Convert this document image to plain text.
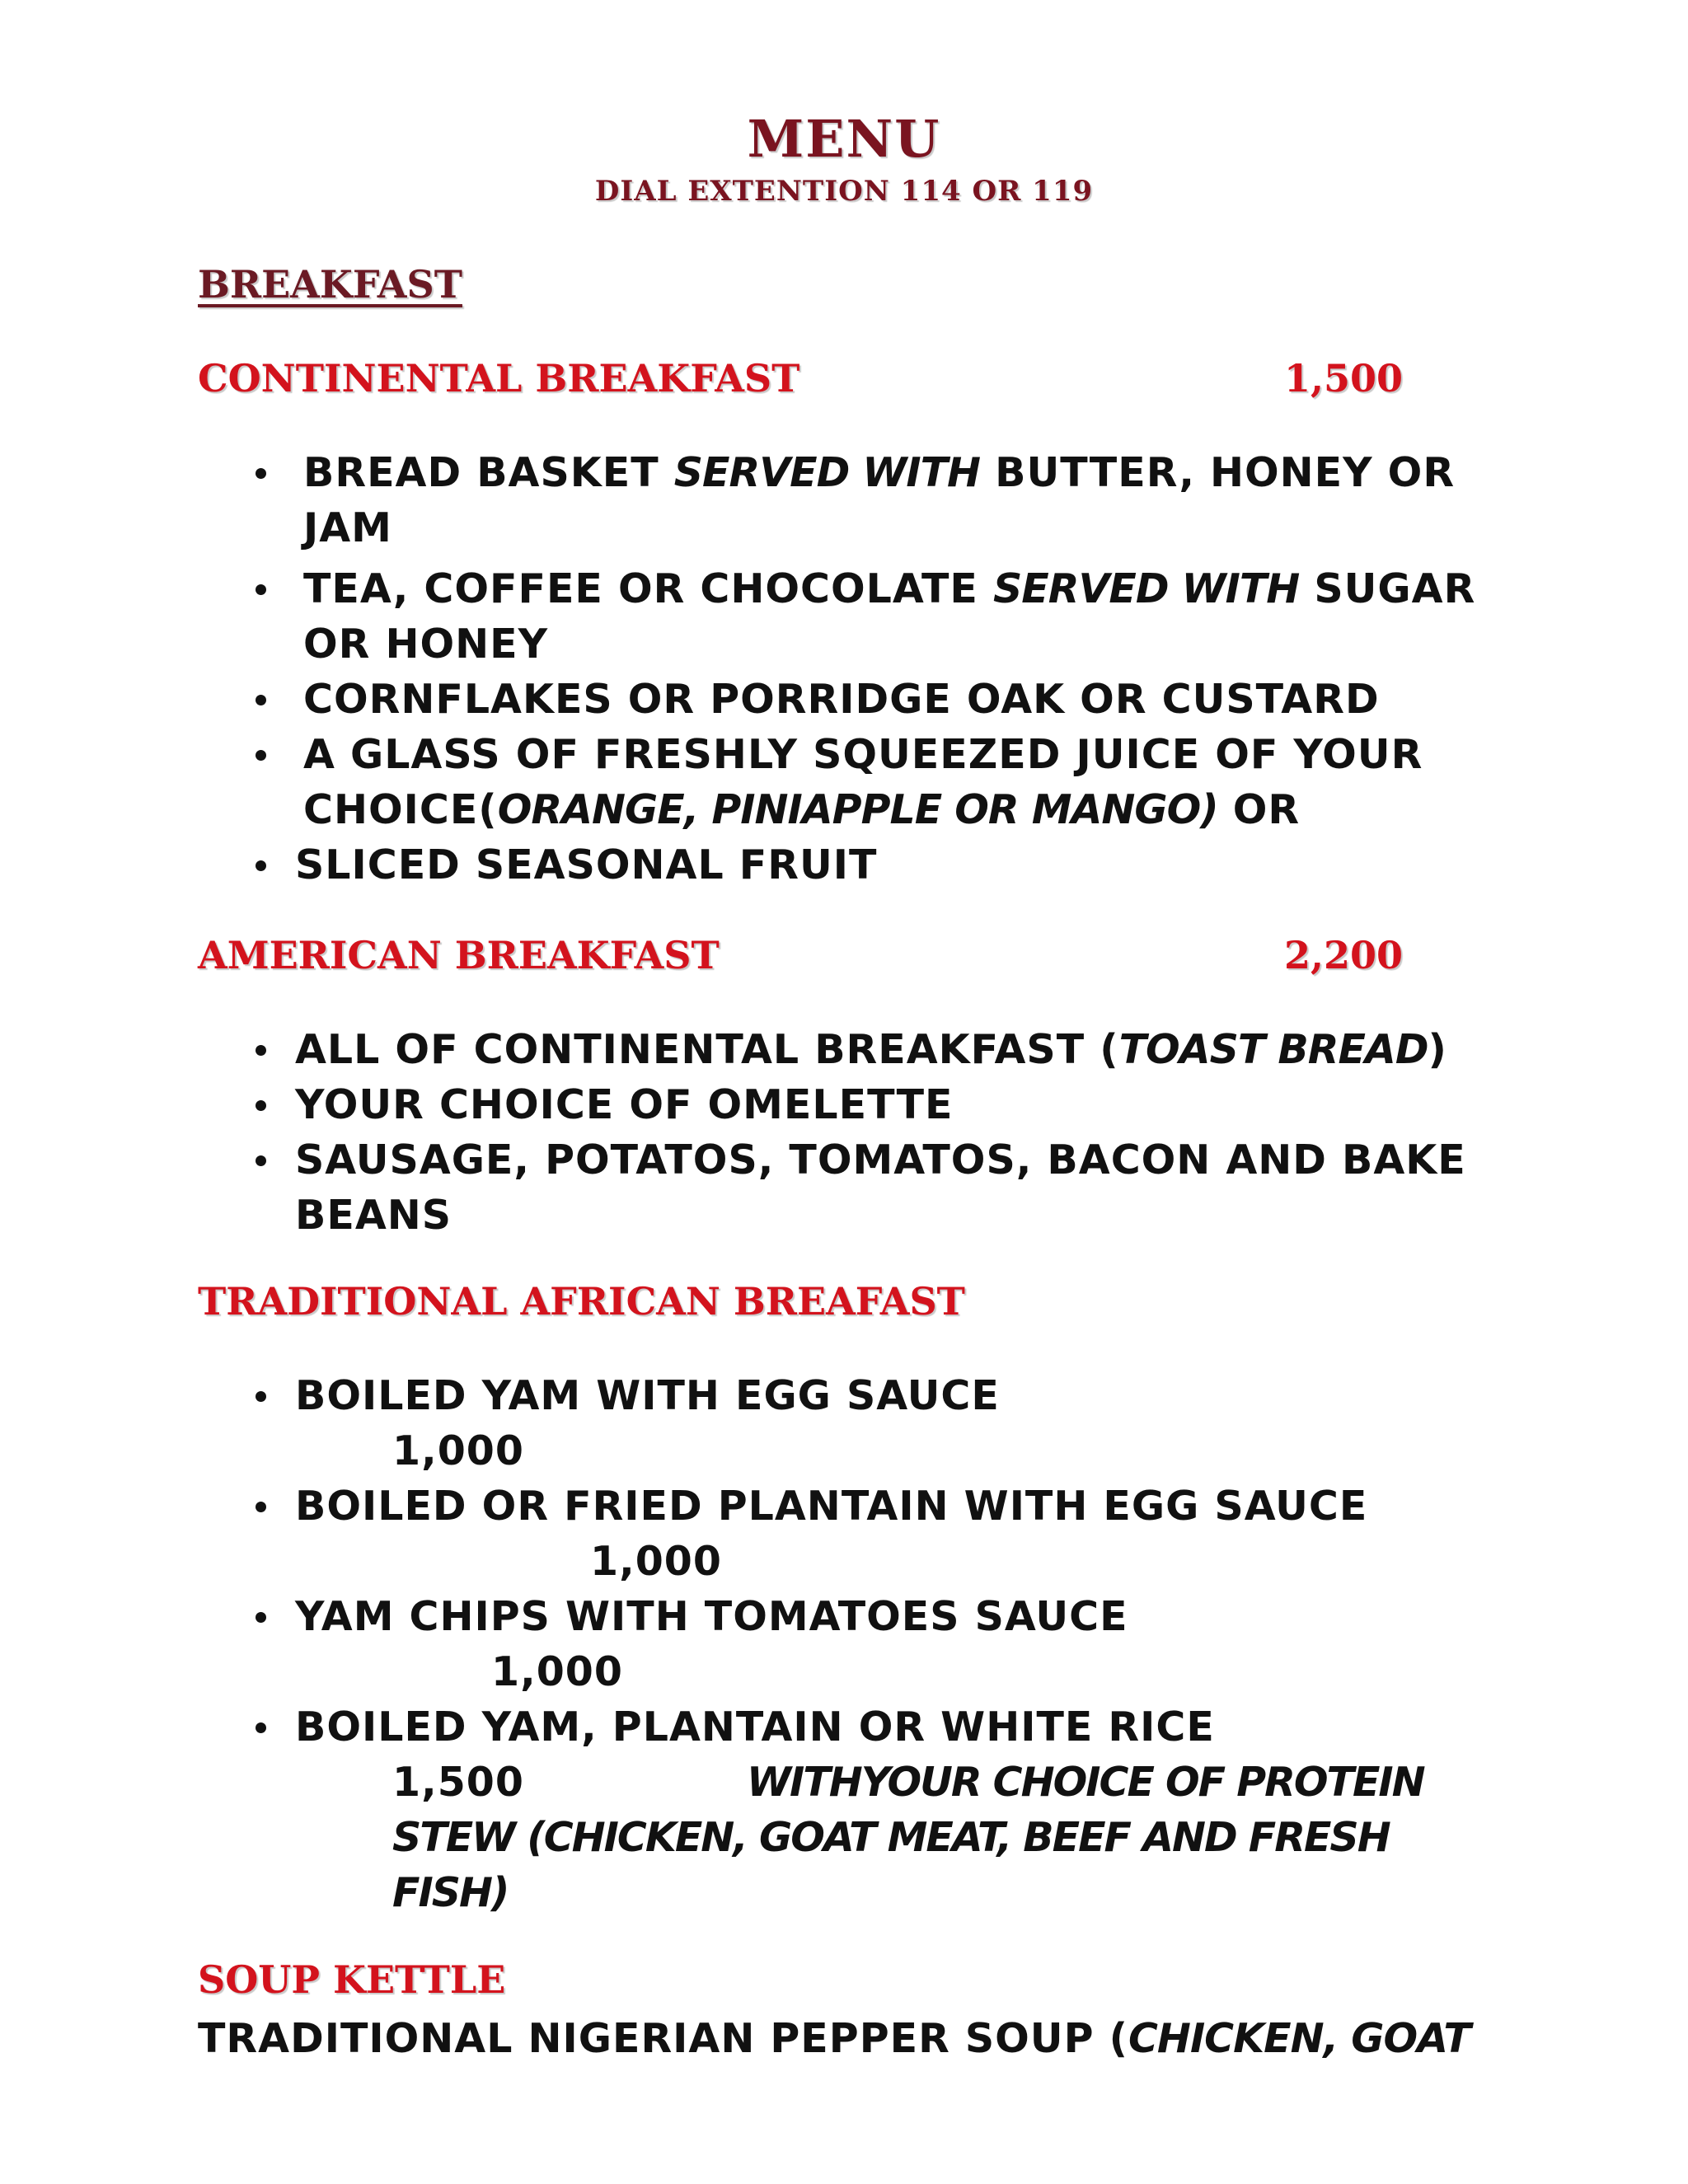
MENU
DIAL EXTENTION 114 OR 119
BREAKFAST
CONTINENTAL BREAKFAST	1,500
BREAD BASKET SERVED WITH BUTTER, HONEY OR JAM
TEA, COFFEE OR CHOCOLATE SERVED WITH SUGAR OR HONEY
CORNFLAKES OR PORRIDGE OAK OR CUSTARD
A GLASS OF FRESHLY SQUEEZED JUICE OF YOUR CHOICE(ORANGE, PINIAPPLE OR MANGO) OR
SLICED SEASONAL FRUIT
AMERICAN BREAKFAST	2,200
ALL OF CONTINENTAL BREAKFAST (TOAST BREAD)
YOUR CHOICE OF OMELETTE
SAUSAGE, POTATOS, TOMATOS, BACON AND BAKE BEANS
TRADITIONAL AFRICAN BREAFAST
BOILED YAM WITH EGG SAUCE
1,000
BOILED OR FRIED PLANTAIN WITH EGG SAUCE
1,000
YAM CHIPS WITH TOMATOES SAUCE
1,000
BOILED YAM, PLANTAIN OR WHITE RICE
1,500	WITHYOUR CHOICE OF PROTEIN STEW (CHICKEN, GOAT MEAT, BEEF AND FRESH FISH)
SOUP KETTLE
TRADITIONAL NIGERIAN PEPPER SOUP (CHICKEN, GOAT
